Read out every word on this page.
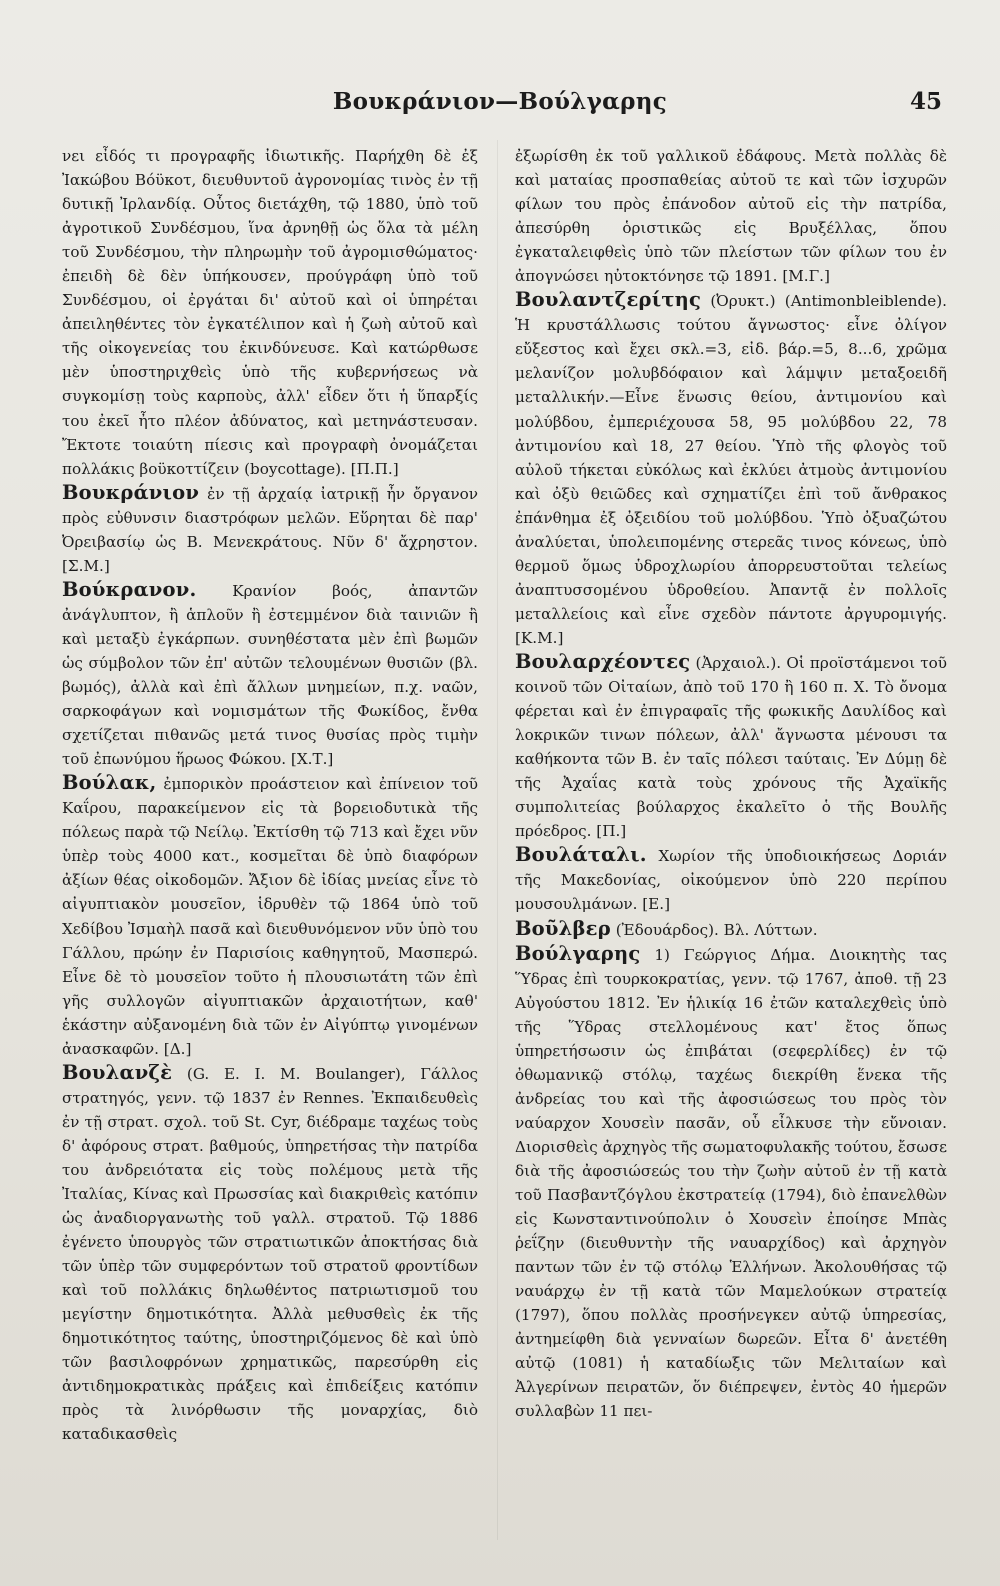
Βουκράνιον—Βούλγαρης	45

νει εἶδός τι προγραφῆς ἰδιωτικῆς. Παρήχθη δὲ ἐξ Ἰακώβου Βόϋκοτ, διευθυντοῦ ἀγρονομίας τινὸς ἐν τῇ δυτικῇ Ἰρλανδίᾳ. Οὗτος διετάχθη, τῷ 1880, ὑπὸ τοῦ ἀγροτικοῦ Συνδέσμου, ἵνα ἀρνηθῇ ὡς ὅλα τὰ μέλη τοῦ Συνδέσμου, τὴν πληρωμὴν τοῦ ἀγρομισθώματος· ἐπειδὴ δὲ δὲν ὑπήκουσεν, προύγράφη ὑπὸ τοῦ Συνδέσμου, οἱ ἐργάται δι' αὐτοῦ καὶ οἱ ὑπηρέται ἀπειληθέντες τὸν ἐγκατέλιπον καὶ ἡ ζωὴ αὐτοῦ καὶ τῆς οἰκογενείας του ἐκινδύνευσε. Καὶ κατώρθωσε μὲν ὑποστηριχθεὶς ὑπὸ τῆς κυβερνήσεως νὰ συγκομίσῃ τοὺς καρποὺς, ἀλλ' εἶδεν ὅτι ἡ ὕπαρξίς του ἐκεῖ ἦτο πλέον ἀδύνατος, καὶ μετηνάστευσαν. Ἔκτοτε τοιαύτη πίεσις καὶ προγραφὴ ὀνομάζεται πολλάκις βοϋκοττίζειν (boycottage). [Π.Π.]

Βουκράνιον ἐν τῇ ἀρχαίᾳ ἰατρικῇ ἦν ὄργανον πρὸς εὐθυνσιν διαστρόφων μελῶν. Εὕρηται δὲ παρ' Ὀρειβασίῳ ὡς Β. Μενεκράτους. Νῦν δ' ἄχρηστον. [Σ.Μ.]

Βούκρανον. Κρανίον βοός, ἀπαντῶν ἀνάγλυπτον, ἢ ἁπλοῦν ἢ ἐστεμμένον διὰ ταινιῶν ἢ καὶ μεταξὺ ἐγκάρπων. συνηθέστατα μὲν ἐπὶ βωμῶν ὡς σύμβολον τῶν ἐπ' αὐτῶν τελουμένων θυσιῶν (βλ. βωμός), ἀλλὰ καὶ ἐπὶ ἄλλων μνημείων, π.χ. ναῶν, σαρκοφάγων καὶ νομισμάτων τῆς Φωκίδος, ἔνθα σχετίζεται πιθανῶς μετά τινος θυσίας πρὸς τιμὴν τοῦ ἐπωνύμου ἥρωος Φώκου. [Χ.Τ.]

Βούλακ, ἐμπορικὸν προάστειον καὶ ἐπίνειον τοῦ Καΐρου, παρακείμενον εἰς τὰ βορειοδυτικὰ τῆς πόλεως παρὰ τῷ Νείλῳ. Ἐκτίσθη τῷ 713 καὶ ἔχει νῦν ὑπὲρ τοὺς 4000 κατ., κοσμεῖται δὲ ὑπὸ διαφόρων ἀξίων θέας οἰκοδομῶν. Ἄξιον δὲ ἰδίας μνείας εἶνε τὸ αἰγυπτιακὸν μουσεῖον, ἱδρυθὲν τῷ 1864 ὑπὸ τοῦ Χεδίβου Ἰσμαὴλ πασᾶ καὶ διευθυνόμενον νῦν ὑπὸ του Γάλλου, πρώην ἐν Παρισίοις καθηγητοῦ, Μασπερώ. Εἶνε δὲ τὸ μουσεῖον τοῦτο ἡ πλουσιωτάτη τῶν ἐπὶ γῆς συλλογῶν αἰγυπτιακῶν ἀρχαιοτήτων, καθ' ἑκάστην αὐξανομένη διὰ τῶν ἐν Αἰγύπτῳ γινομένων ἀνασκαφῶν. [Δ.]

Βουλανζὲ (G. E. I. M. Boulanger), Γάλλος στρατηγός, γενν. τῷ 1837 ἐν Rennes. Ἐκπαιδευθεὶς ἐν τῇ στρατ. σχολ. τοῦ St. Cyr, διέδραμε ταχέως τοὺς δ' ἀφόρους στρατ. βαθμούς, ὑπηρετήσας τὴν πατρίδα του ἀνδρειότατα εἰς τοὺς πολέμους μετὰ τῆς Ἰταλίας, Κίνας καὶ Πρωσσίας καὶ διακριθεὶς κατόπιν ὡς ἀναδιοργανωτὴς τοῦ γαλλ. στρατοῦ. Τῷ 1886 ἐγένετο ὑπουργὸς τῶν στρατιωτικῶν ἀποκτήσας διὰ τῶν ὑπὲρ τῶν συμφερόντων τοῦ στρατοῦ φροντίδων καὶ τοῦ πολλάκις δηλωθέντος πατριωτισμοῦ του μεγίστην δημοτικότητα. Ἀλλὰ μεθυσθεὶς ἐκ τῆς δημοτικότητος ταύτης, ὑποστηριζόμενος δὲ καὶ ὑπὸ τῶν βασιλοφρόνων χρηματικῶς, παρεσύρθη εἰς ἀντιδημοκρατικὰς πράξεις καὶ ἐπιδείξεις κατόπιν πρὸς τὰ λινόρθωσιν τῆς μοναρχίας, διὸ καταδικασθεὶς

ἐξωρίσθη ἐκ τοῦ γαλλικοῦ ἐδάφους. Μετὰ πολλὰς δὲ καὶ ματαίας προσπαθείας αὐτοῦ τε καὶ τῶν ἰσχυρῶν φίλων του πρὸς ἐπάνοδον αὐτοῦ εἰς τὴν πατρίδα, ἀπεσύρθη ὁριστικῶς εἰς Βρυξέλλας, ὅπου ἐγκαταλειφθεὶς ὑπὸ τῶν πλείστων τῶν φίλων του ἐν ἀπογνώσει ηὐτοκτόνησε τῷ 1891. [Μ.Γ.]

Βουλαντζερίτης (Ὀρυκτ.) (Antimonbleiblende). Ἡ κρυστάλλωσις τούτου ἄγνωστος· εἶνε ὀλίγον εὔξεστος καὶ ἔχει σκλ.=3, εἰδ. βάρ.=5, 8...6, χρῶμα μελανίζον μολυβδόφαιον καὶ λάμψιν μεταξοειδῆ μεταλλικήν.—Εἶνε ἕνωσις θείου, ἀντιμονίου καὶ μολύβδου, ἐμπεριέχουσα 58, 95 μολύβδου 22, 78 ἀντιμονίου καὶ 18, 27 θείου. Ὑπὸ τῆς φλογὸς τοῦ αὐλοῦ τήκεται εὐκόλως καὶ ἐκλύει ἀτμοὺς ἀντιμονίου καὶ ὀξὺ θειῶδες καὶ σχηματίζει ἐπὶ τοῦ ἄνθρακος ἐπάνθημα ἐξ ὀξειδίου τοῦ μολύβδου. Ὑπὸ ὀξυαζώτου ἀναλύεται, ὑπολειπομένης στερεᾶς τινος κόνεως, ὑπὸ θερμοῦ ὅμως ὑδροχλωρίου ἀπορρευστοῦται τελείως ἀναπτυσσομένου ὑδροθείου. Ἀπαντᾷ ἐν πολλοῖς μεταλλείοις καὶ εἶνε σχεδὸν πάντοτε ἀργυρομιγής. [Κ.Μ.]

Βουλαρχέοντες (Ἀρχαιολ.). Οἱ προϊστάμενοι τοῦ κοινοῦ τῶν Οἰταίων, ἀπὸ τοῦ 170 ἢ 160 π. Χ. Τὸ ὄνομα φέρεται καὶ ἐν ἐπιγραφαῖς τῆς φωκικῆς Δαυλίδος καὶ λοκρικῶν τινων πόλεων, ἀλλ' ἄγνωστα μένουσι τα καθήκοντα τῶν Β. ἐν ταῖς πόλεσι ταύταις. Ἐν Δύμῃ δὲ τῆς Ἀχαΐας κατὰ τοὺς χρόνους τῆς Ἀχαϊκῆς συμπολιτείας βούλαρχος ἐκαλεῖτο ὁ τῆς Βουλῆς πρόεδρος. [Π.]

Βουλάταλι. Χωρίον τῆς ὑποδιοικήσεως Δοριάν τῆς Μακεδονίας, οἰκούμενον ὑπὸ 220 περίπου μουσουλμάνων. [Ε.]

Βοῦλβερ (Ἐδουάρδος). Βλ. Λύττων.

Βούλγαρης 1) Γεώργιος Δήμα. Διοικητὴς τας Ὕδρας ἐπὶ τουρκοκρατίας, γενν. τῷ 1767, ἀποθ. τῇ 23 Αὐγούστου 1812. Ἐν ἡλικίᾳ 16 ἐτῶν καταλεχθεὶς ὑπὸ τῆς Ὕδρας στελλομένους κατ' ἔτος ὅπως ὑπηρετήσωσιν ὡς ἐπιβάται (σεφερλίδες) ἐν τῷ ὀθωμανικῷ στόλῳ, ταχέως διεκρίθη ἕνεκα τῆς ἀνδρείας του καὶ τῆς ἀφοσιώσεως του πρὸς τὸν ναύαρχον Χουσεὶν πασᾶν, οὗ εἶλκυσε τὴν εὔνοιαν. Διορισθεὶς ἀρχηγὸς τῆς σωματοφυλακῆς τούτου, ἔσωσε διὰ τῆς ἀφοσιώσεώς του τὴν ζωὴν αὐτοῦ ἐν τῇ κατὰ τοῦ Πασβαντζόγλου ἐκστρατείᾳ (1794), διὸ ἐπανελθὼν εἰς Κωνσταντινούπολιν ὁ Χουσεὶν ἐποίησε Μπὰς ῥεΐζην (διευθυντὴν τῆς ναυαρχίδος) καὶ ἀρχηγὸν παντων τῶν ἐν τῷ στόλῳ Ἑλλήνων. Ἀκολουθήσας τῷ ναυάρχῳ ἐν τῇ κατὰ τῶν Μαμελούκων στρατείᾳ (1797), ὅπου πολλὰς προσήνεγκεν αὐτῷ ὑπηρεσίας, ἀντημείφθη διὰ γενναίων δωρεῶν. Εἶτα δ' ἀνετέθη αὐτῷ (1081) ἡ καταδίωξις τῶν Μελιταίων καὶ Ἀλγερίνων πειρατῶν, ὅν διέπρεψεν, ἐντὸς 40 ἡμερῶν συλλαβὼν 11 πει-
